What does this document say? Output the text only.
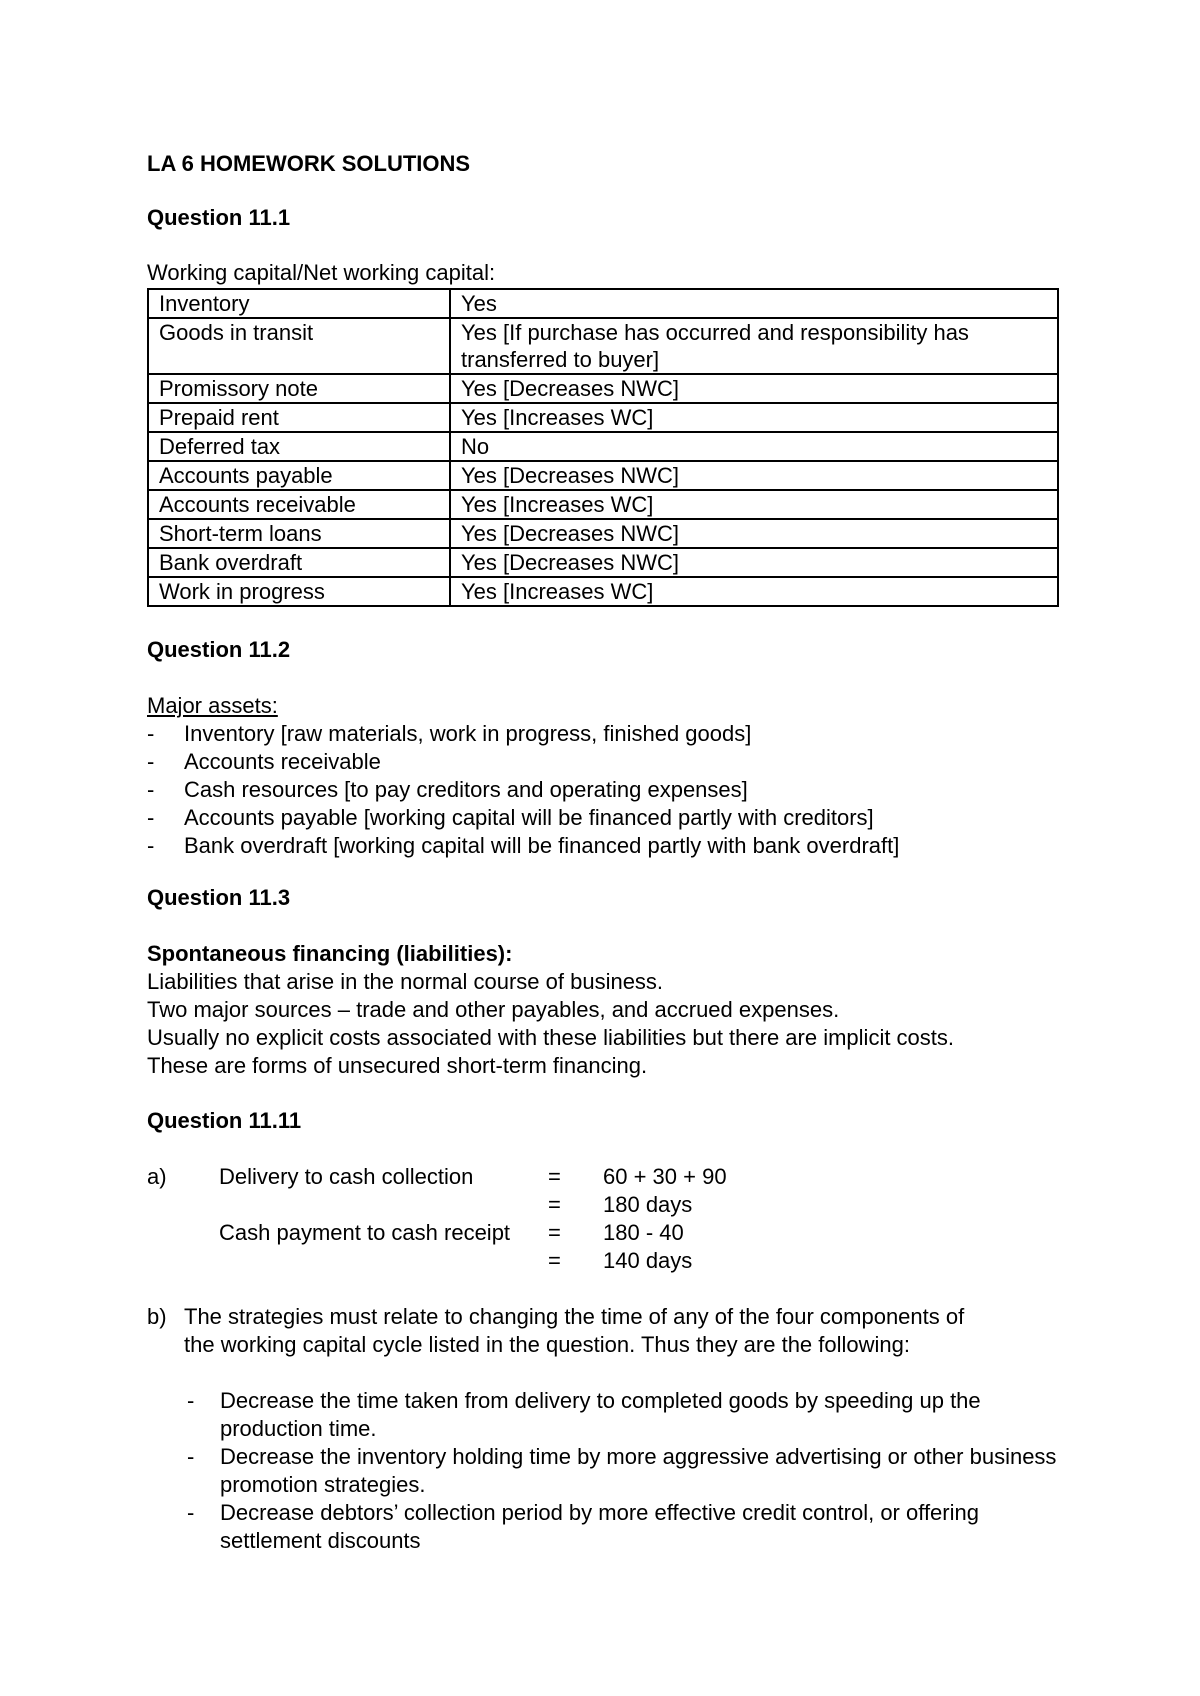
LA 6 HOMEWORK SOLUTIONS
Question 11.1
Working capital/Net working capital:
Inventory	Yes
Goods in transit	Yes [If purchase has occurred and responsibility has transferred to buyer]
Promissory note	Yes [Decreases NWC]
Prepaid rent	Yes [Increases WC]
Deferred tax	No
Accounts payable	Yes [Decreases NWC]
Accounts receivable	Yes [Increases WC]
Short-term loans	Yes [Decreases NWC]
Bank overdraft	Yes [Decreases NWC]
Work in progress	Yes [Increases WC]
Question 11.2
Major assets:
- Inventory [raw materials, work in progress, finished goods]
- Accounts receivable
- Cash resources [to pay creditors and operating expenses]
- Accounts payable [working capital will be financed partly with creditors]
- Bank overdraft [working capital will be financed partly with bank overdraft]
Question 11.3
Spontaneous financing (liabilities):
Liabilities that arise in the normal course of business.
Two major sources – trade and other payables, and accrued expenses.
Usually no explicit costs associated with these liabilities but there are implicit costs.
These are forms of unsecured short-term financing.
Question 11.11
a) Delivery to cash collection	= 60 + 30 + 90
= 180 days
Cash payment to cash receipt = 180 - 40
= 140 days
b) The strategies must relate to changing the time of any of the four components of
the working capital cycle listed in the question. Thus they are the following:
- Decrease the time taken from delivery to completed goods by speeding up the production time.
- Decrease the inventory holding time by more aggressive advertising or other business promotion strategies.
- Decrease debtors’ collection period by more effective credit control, or offering settlement discounts
